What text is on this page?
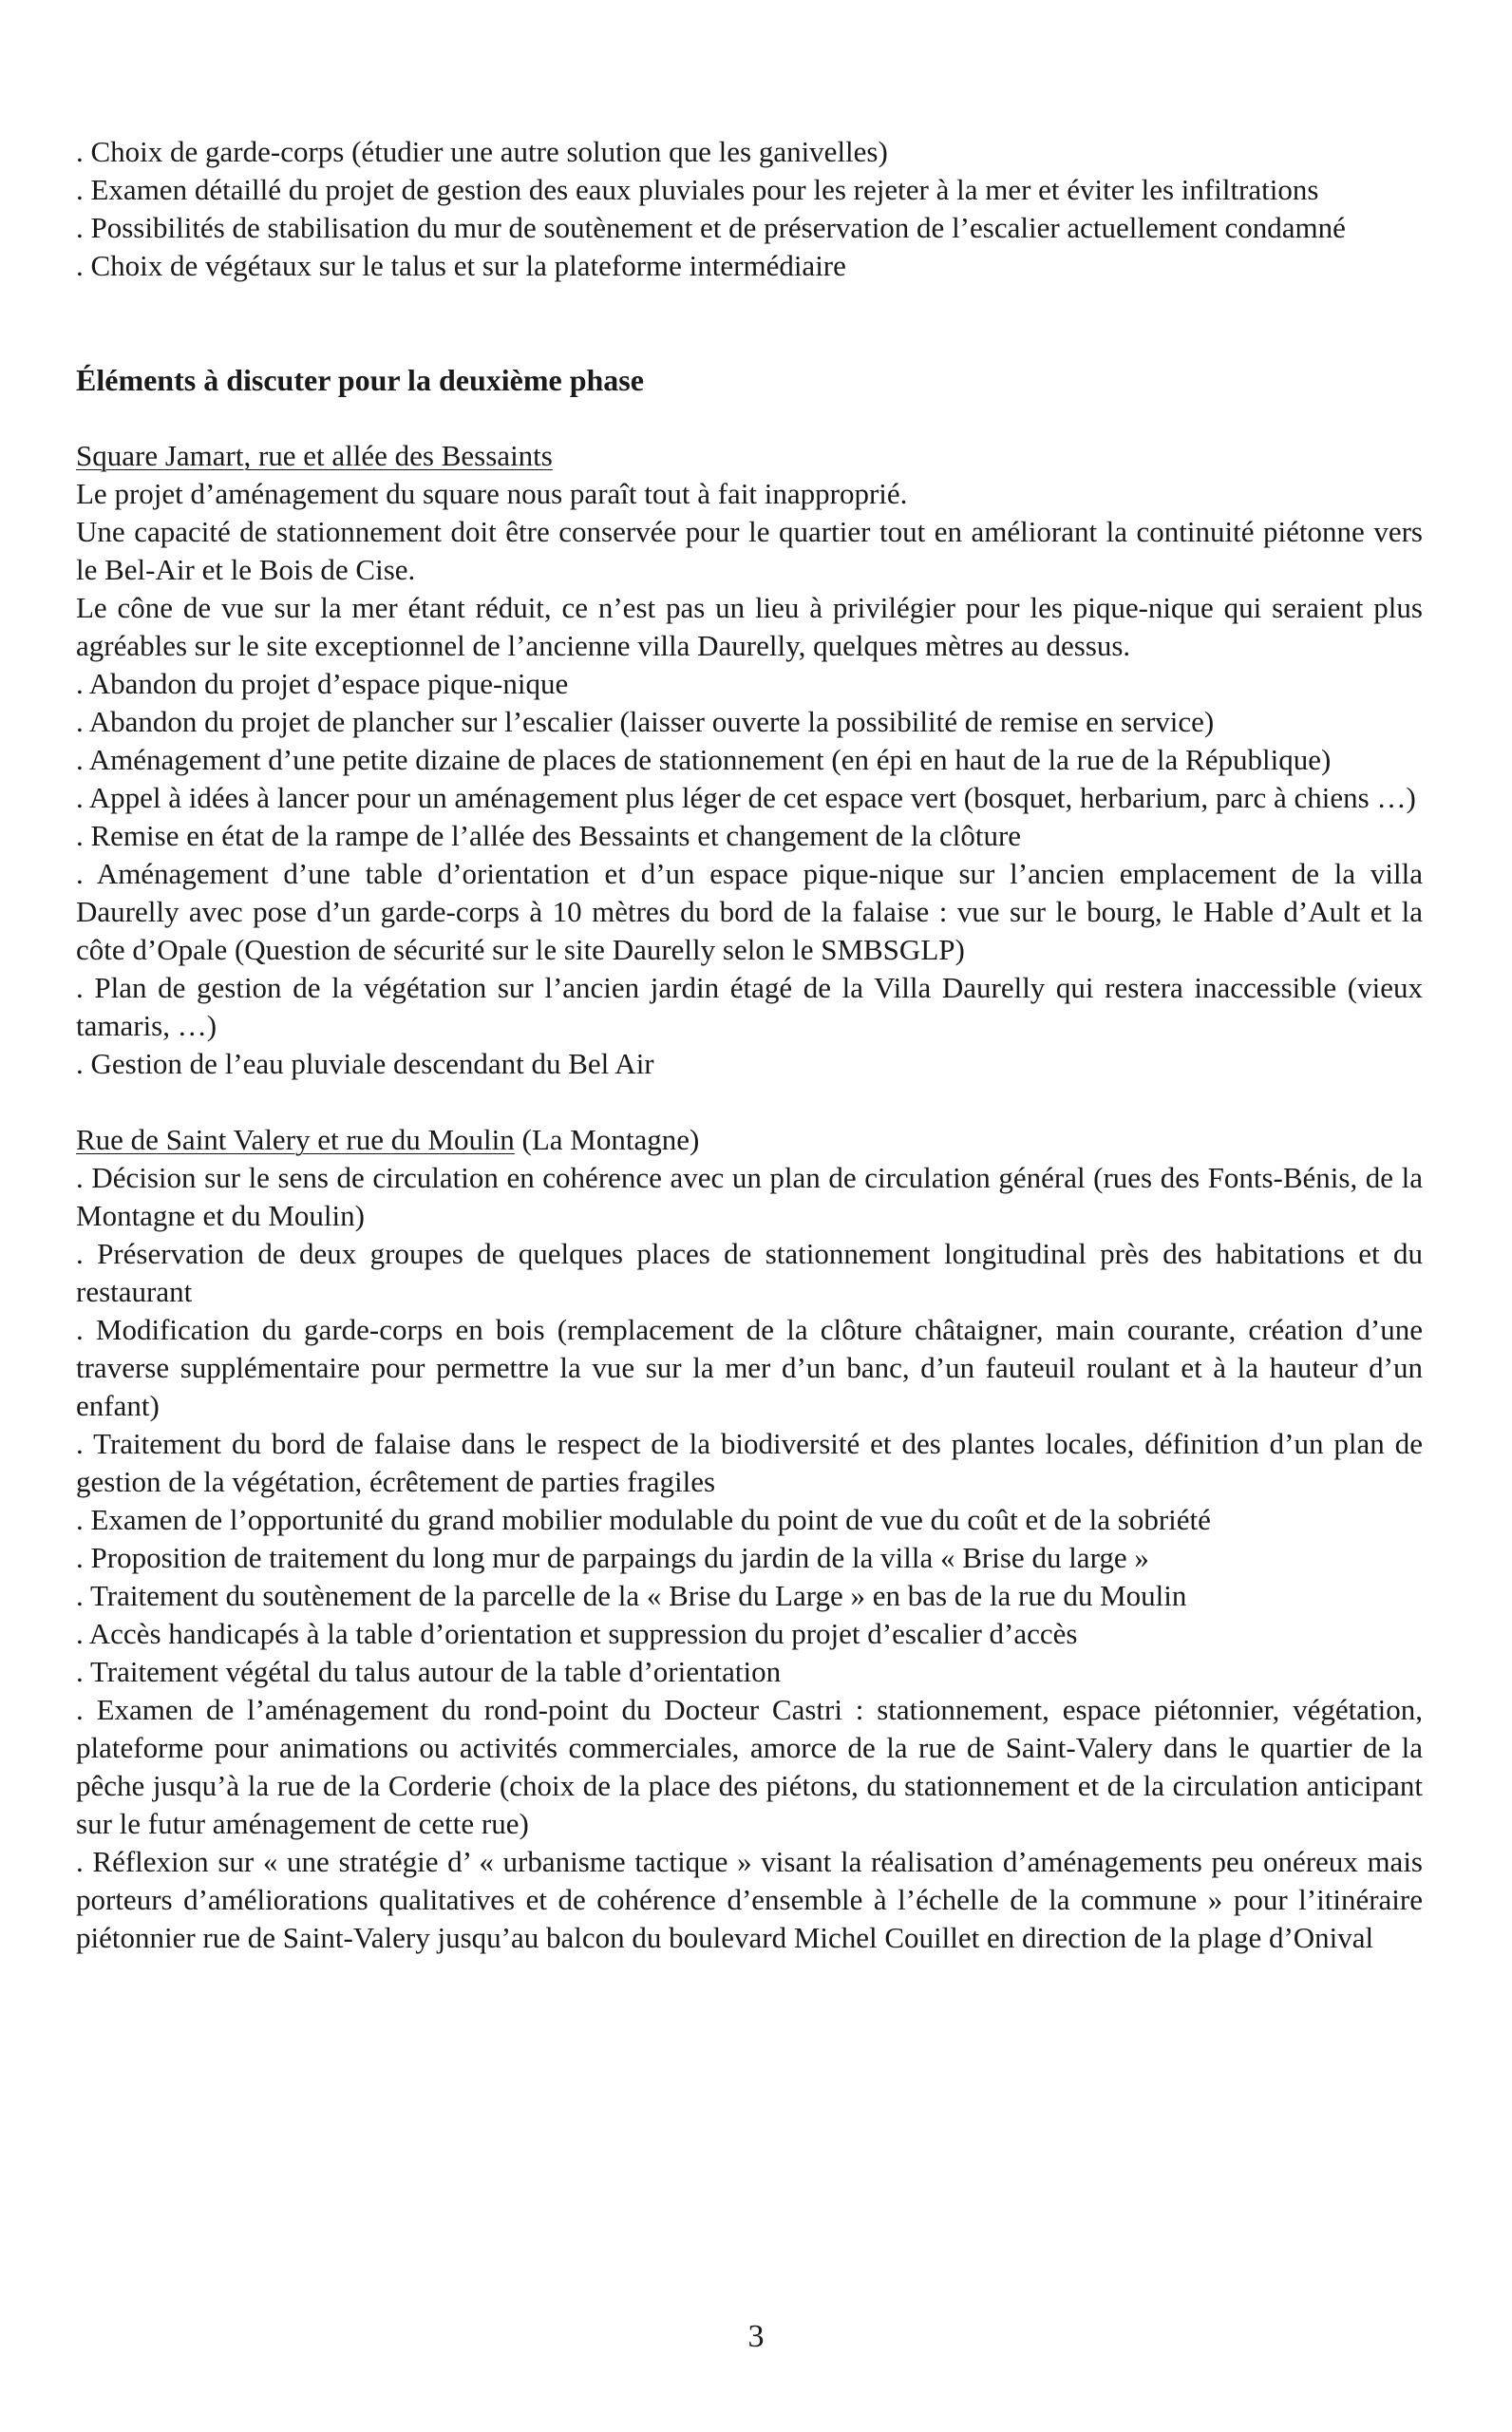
. Choix de garde-corps (étudier une autre solution que les ganivelles)

. Examen détaillé du projet de gestion des eaux pluviales pour les rejeter à la mer et éviter les infiltrations

. Possibilités de stabilisation du mur de soutènement et de préservation de l’escalier actuellement condamné

. Choix de végétaux sur le talus et sur la plateforme intermédiaire

Éléments à discuter pour la deuxième phase

Square Jamart, rue et allée des Bessaints

Le projet d’aménagement du square nous paraît tout à fait inapproprié.

Une capacité de stationnement doit être conservée pour le quartier tout en améliorant la continuité piétonne vers le Bel-Air et le Bois de Cise.

Le cône de vue sur la mer étant réduit, ce n’est pas un lieu à privilégier pour les pique-nique qui seraient plus agréables sur le site exceptionnel de l’ancienne villa Daurelly, quelques mètres au dessus.

. Abandon du projet d’espace pique-nique

. Abandon du projet de plancher sur l’escalier (laisser ouverte la possibilité de remise en service)

. Aménagement d’une petite dizaine de places de stationnement (en épi en haut de la rue de la République)

. Appel à idées à lancer pour un aménagement plus léger de cet espace vert (bosquet, herbarium, parc à chiens …)

. Remise en état de la rampe de l’allée des Bessaints et changement de la clôture

. Aménagement d’une table d’orientation et d’un espace pique-nique sur l’ancien emplacement de la villa Daurelly avec pose d’un garde-corps à 10 mètres du bord de la falaise : vue sur le bourg, le Hable d’Ault et la côte d’Opale (Question de sécurité sur le site Daurelly selon le SMBSGLP)

. Plan de gestion de la végétation sur l’ancien jardin étagé de la Villa Daurelly qui restera inaccessible (vieux tamaris, …)

. Gestion de l’eau pluviale descendant du Bel Air

Rue de Saint Valery et rue du Moulin (La Montagne)

. Décision sur le sens de circulation en cohérence avec un plan de circulation général (rues des Fonts-Bénis, de la Montagne et du Moulin)

. Préservation de deux groupes de quelques places de stationnement longitudinal près des habitations et du restaurant

. Modification du garde-corps en bois (remplacement de la clôture châtaigner, main courante, création d’une traverse supplémentaire pour permettre la vue sur la mer d’un banc, d’un fauteuil roulant et à la hauteur d’un enfant)

. Traitement du bord de falaise dans le respect de la biodiversité et des plantes locales, définition d’un plan de gestion de la végétation, écrêtement de parties fragiles

. Examen de l’opportunité du grand mobilier modulable du point de vue du coût et de la sobriété

. Proposition de traitement du long mur de parpaings du jardin de la villa « Brise du large »

. Traitement du soutènement de la parcelle de la « Brise du Large » en bas de la rue du Moulin

. Accès handicapés à la table d’orientation et suppression du projet d’escalier d’accès

. Traitement végétal du talus autour de la table d’orientation

. Examen de l’aménagement du rond-point du Docteur Castri : stationnement, espace piétonnier, végétation, plateforme pour animations ou activités commerciales, amorce de la rue de Saint-Valery dans le quartier de la pêche jusqu’à la rue de la Corderie (choix de la place des piétons, du stationnement et de la circulation anticipant sur le futur aménagement de cette rue)

. Réflexion sur « une stratégie d’ « urbanisme tactique » visant la réalisation d’aménagements peu onéreux mais porteurs d’améliorations qualitatives et de cohérence d’ensemble à l’échelle de la commune » pour l’itinéraire piétonnier rue de Saint-Valery jusqu’au balcon du boulevard Michel Couillet en direction de la plage d’Onival

3
